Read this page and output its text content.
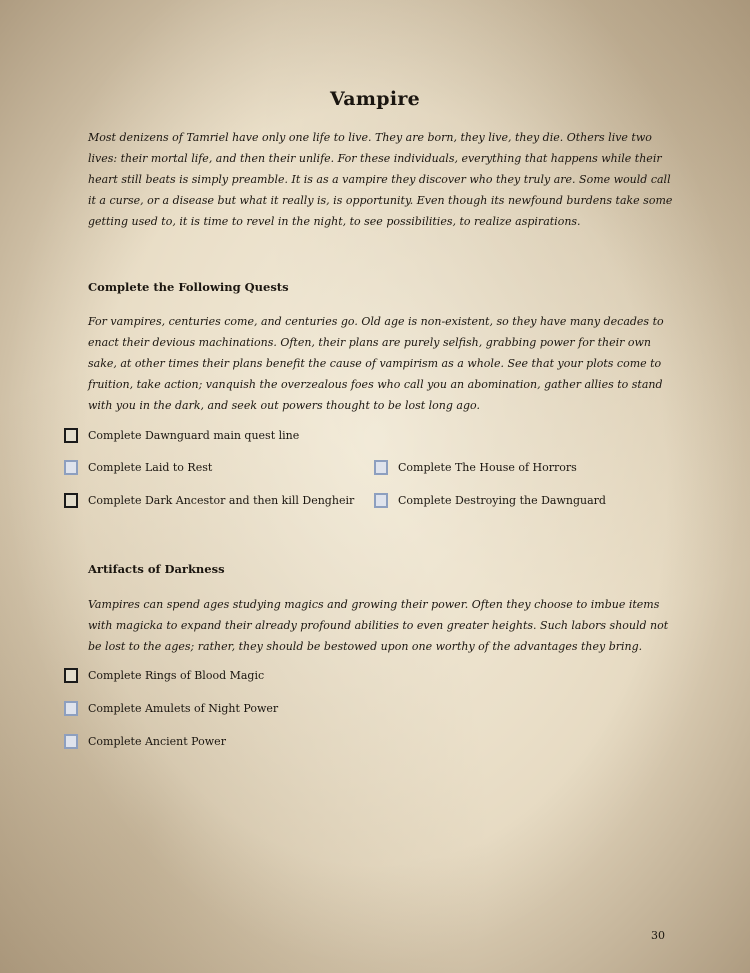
Vampire

Most denizens of Tamriel have only one life to live. They are born, they live, they die. Others live two lives: their mortal life, and then their unlife. For these individuals, everything that happens while their heart still beats is simply preamble. It is as a vampire they discover who they truly are. Some would call it a curse, or a disease but what it really is, is opportunity. Even though its newfound burdens take some getting used to, it is time to revel in the night, to see possibilities, to realize aspirations.

Complete the Following Quests

For vampires, centuries come, and centuries go. Old age is non-existent, so they have many decades to enact their devious machinations. Often, their plans are purely selfish, grabbing power for their own sake, at other times their plans benefit the cause of vampirism as a whole. See that your plots come to fruition, take action; vanquish the overzealous foes who call you an abomination, gather allies to stand with you in the dark, and seek out powers thought to be lost long ago.

Complete Dawnguard main quest line
Complete Laid to Rest	Complete The House of Horrors
Complete Dark Ancestor and then kill Dengheir	Complete Destroying the Dawnguard
Artifacts of Darkness

Vampires can spend ages studying magics and growing their power. Often they choose to imbue items with magicka to expand their already profound abilities to even greater heights. Such labors should not be lost to the ages; rather, they should be bestowed upon one worthy of the advantages they bring.

Complete Rings of Blood Magic
Complete Amulets of Night Power
Complete Ancient Power
30
